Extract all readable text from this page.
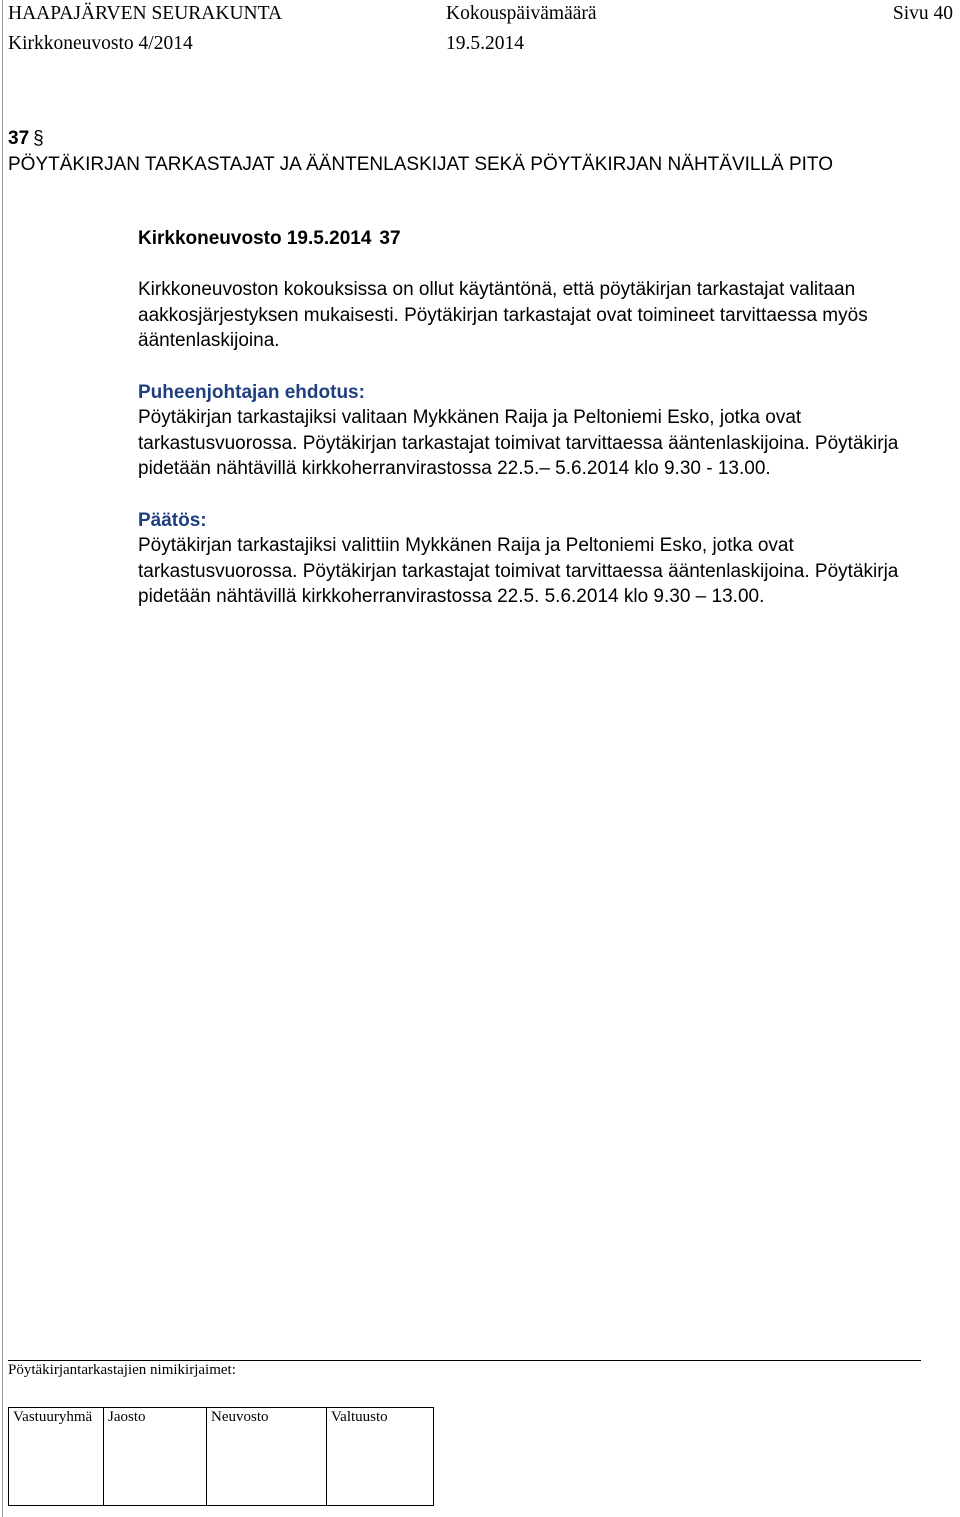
HAAPAJÄRVEN SEURAKUNTA	Kokouspäivämäärä	Sivu 40
Kirkkoneuvosto 4/2014	19.5.2014
37 §
PÖYTÄKIRJAN TARKASTAJAT JA ÄÄNTENLASKIJAT SEKÄ PÖYTÄKIRJAN NÄHTÄVILLÄ PITO

Kirkkoneuvosto 19.5.2014 37

Kirkkoneuvoston kokouksissa on ollut käytäntönä, että pöytäkirjan tarkastajat valitaan aakkosjärjestyksen mukaisesti. Pöytäkirjan tarkastajat ovat toimineet tarvittaessa myös ääntenlaskijoina.

Puheenjohtajan ehdotus:

Pöytäkirjan tarkastajiksi valitaan Mykkänen Raija ja Peltoniemi Esko, jotka ovat tarkastusvuorossa. Pöytäkirjan tarkastajat toimivat tarvittaessa ääntenlaskijoina. Pöytäkirja pidetään nähtävillä kirkkoherranvirastossa 22.5.– 5.6.2014 klo 9.30 - 13.00.

Päätös:

Pöytäkirjan tarkastajiksi valittiin Mykkänen Raija ja Peltoniemi Esko, jotka ovat tarkastusvuorossa. Pöytäkirjan tarkastajat toimivat tarvittaessa ääntenlaskijoina. Pöytäkirja pidetään nähtävillä kirkkoherranvirastossa 22.5. 5.6.2014 klo 9.30 – 13.00.

Pöytäkirjantarkastajien nimikirjaimet:
Vastuuryhmä	Jaosto	Neuvosto	Valtuusto
